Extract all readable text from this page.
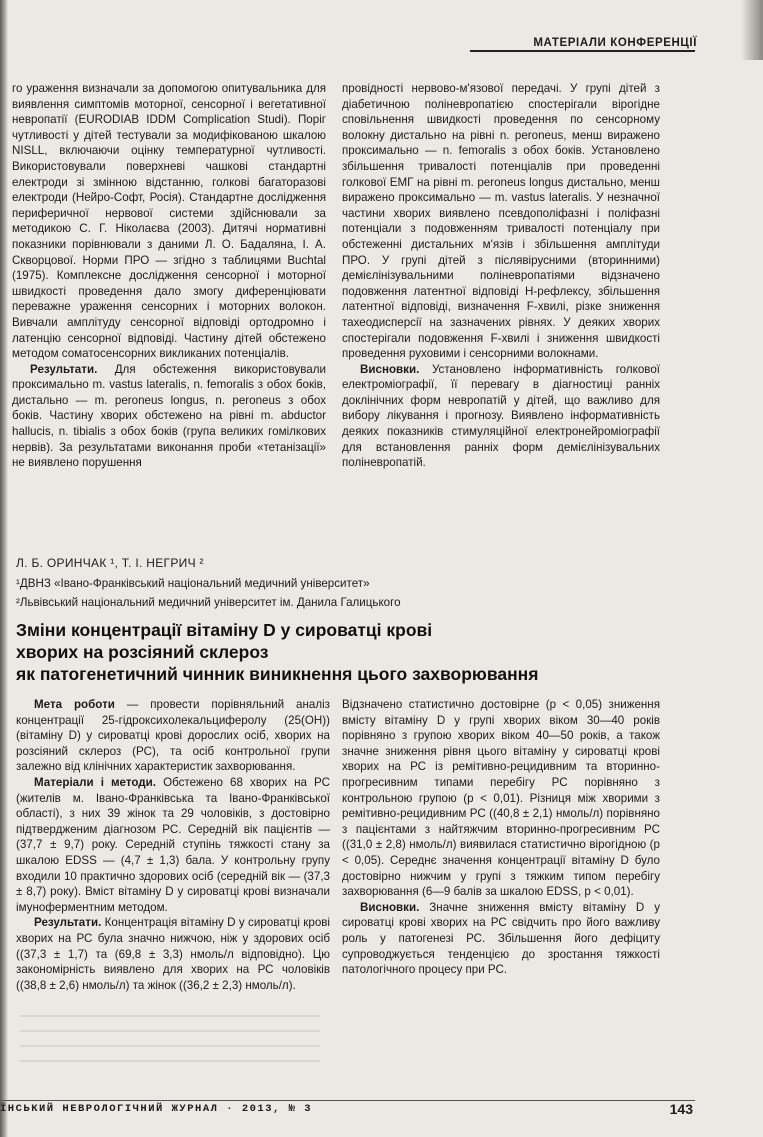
МАТЕРІАЛИ КОНФЕРЕНЦІЇ

го ураження визначали за допомогою опитувальника для виявлення симптомів моторної, сенсорної і вегетативної невропатії (EURODIAB IDDM Complication Studi). Поріг чутливості у дітей тестували за модифікованою шкалою NISLL, включаючи оцінку температурної чутливості. Використовували поверхневі чашкові стандартні електроди зі змінною відстанню, голкові багаторазові електроди (Нейро-Софт, Росія). Стандартне дослідження периферичної нервової системи здійснювали за методикою С. Г. Ніколаєва (2003). Дитячі нормативні показники порівнювали з даними Л. О. Бадаляна, І. А. Скворцової. Норми ПРО — згідно з таблицями Buchtal (1975). Комплексне дослідження сенсорної і моторної швидкості проведення дало змогу диференціювати переважне ураження сенсорних і моторних волокон. Вивчали амплітуду сенсорної відповіді ортодромно і латенцію сенсорної відповіді. Частину дітей обстежено методом соматосенсорних викликаних потенціалів.

Результати. Для обстеження використовували проксимально m. vastus lateralis, n. femoralis з обох боків, дистально — m. peroneus longus, n. peroneus з обох боків. Частину хворих обстежено на рівні m. abductor hallucis, n. tibialis з обох боків (група великих гомілкових нервів). За результатами виконання проби «тетанізації» не виявлено порушення

провідності нервово-м'язової передачі. У групі дітей з діабетичною поліневропатією спостерігали вірогідне сповільнення швидкості проведення по сенсорному волокну дистально на рівні n. peroneus, менш виражено проксимально — n. femoralis з обох боків. Установлено збільшення тривалості потенціалів при проведенні голкової ЕМГ на рівні m. peroneus longus дистально, менш виражено проксимально — m. vastus lateralis. У незначної частини хворих виявлено псевдополіфазні і поліфазні потенціали з подовженням тривалості потенціалу при обстеженні дистальних м'язів і збільшення амплітуди ПРО. У групі дітей з післявірусними (вторинними) демієлінізувальними поліневропатіями відзначено подовження латентної відповіді Н-рефлексу, збільшення латентної відповіді, визначення F-хвилі, різке зниження тахеодисперсії на зазначених рівнях. У деяких хворих спостерігали подовження F-хвилі і зниження швидкості проведення руховими і сенсорними волокнами.

Висновки. Установлено інформативність голкової електроміографії, її перевагу в діагностиці ранніх доклінічних форм невропатій у дітей, що важливо для вибору лікування і прогнозу. Виявлено інформативність деяких показників стимуляційної електронейроміографії для встановлення ранніх форм демієлінізувальних поліневропатій.

Л. Б. ОРИНЧАК ¹, Т. І. НЕГРИЧ ²
¹ДВНЗ «Івано-Франківський національний медичний університет»
²Львівський національний медичний університет ім. Данила Галицького
Зміни концентрації вітаміну D у сироватці крові
хворих на розсіяний склероз
як патогенетичний чинник виникнення цього захворювання

Мета роботи — провести порівняльний аналіз концентрації 25-гідроксихолекальциферолу (25(OH)) (вітаміну D) у сироватці крові дорослих осіб, хворих на розсіяний склероз (РС), та осіб контрольної групи залежно від клінічних характеристик захворювання.

Матеріали і методи. Обстежено 68 хворих на РС (жителів м. Івано-Франківська та Івано-Франківської області), з них 39 жінок та 29 чоловіків, з достовірно підтвердженим діагнозом РС. Середній вік пацієнтів — (37,7 ± 9,7) року. Середній ступінь тяжкості стану за шкалою EDSS — (4,7 ± 1,3) бала. У контрольну групу входили 10 практично здорових осіб (середній вік — (37,3 ± 8,7) року). Вміст вітаміну D у сироватці крові визначали імуноферментним методом.

Результати. Концентрація вітаміну D у сироватці крові хворих на РС була значно нижчою, ніж у здорових осіб ((37,3 ± 1,7) та (69,8 ± 3,3) нмоль/л відповідно). Цю закономірність виявлено для хворих на РС чоловіків ((38,8 ± 2,6) нмоль/л) та жінок ((36,2 ± 2,3) нмоль/л).

Відзначено статистично достовірне (p < 0,05) зниження вмісту вітаміну D у групі хворих віком 30—40 років порівняно з групою хворих віком 40—50 років, а також значне зниження рівня цього вітаміну у сироватці крові хворих на РС із ремітивно-рецидивним та вторинно-прогресивним типами перебігу РС порівняно з контрольною групою (p < 0,01). Різниця між хворими з ремітивно-рецидивним РС ((40,8 ± 2,1) нмоль/л) порівняно з пацієнтами з найтяжчим вторинно-прогресивним РС ((31,0 ± 2,8) нмоль/л) виявилася статистично вірогідною (p < 0,05). Середнє значення концентрації вітаміну D було достовірно нижчим у групі з тяжким типом перебігу захворювання (6—9 балів за шкалою EDSS, p < 0,01).

Висновки. Значне зниження вмісту вітаміну D у сироватці крові хворих на РС свідчить про його важливу роль у патогенезі РС. Збільшення його дефіциту супроводжується тенденцією до зростання тяжкості патологічного процесу при РС.

ЇНСЬКИЙ НЕВРОЛОГІЧНИЙ ЖУРНАЛ · 2013, № 3	143
